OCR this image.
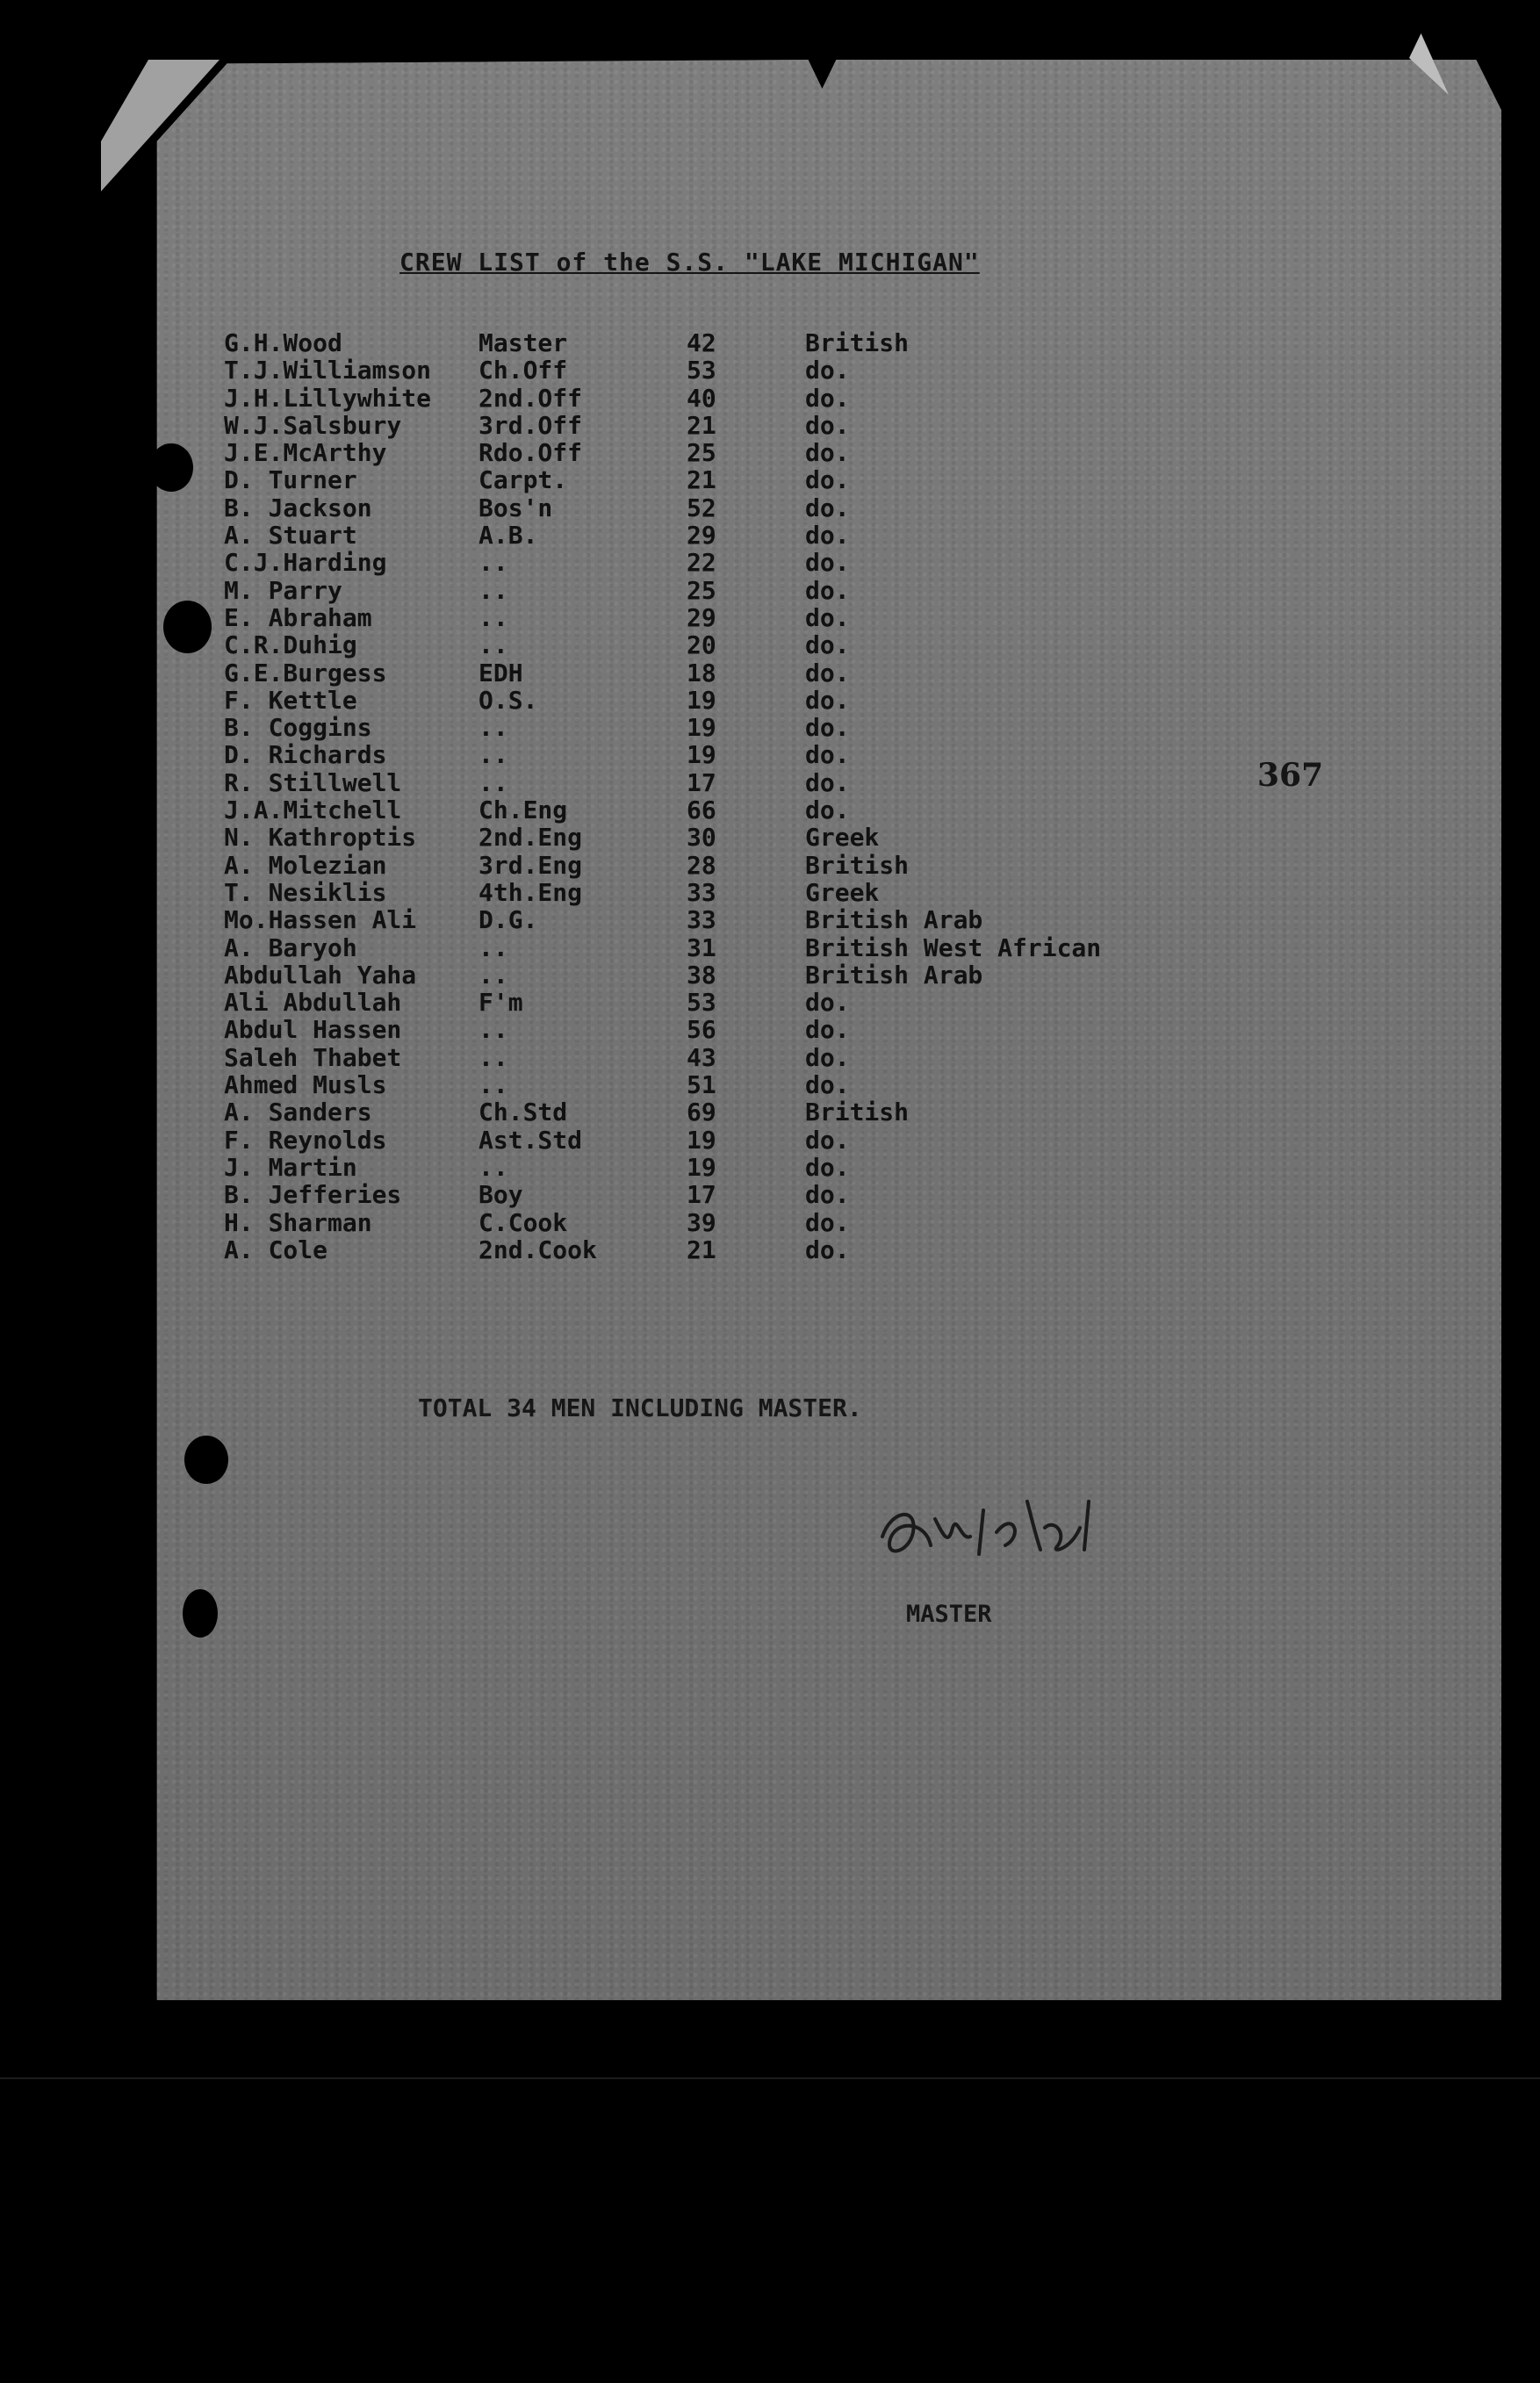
CREW LIST of the S.S. "LAKE MICHIGAN"
G.H.Wood	Master	42	British
T.J.Williamson	Ch.Off	53	do.
J.H.Lillywhite	2nd.Off	40	do.
W.J.Salsbury	3rd.Off	21	do.
J.E.McArthy	Rdo.Off	25	do.
D. Turner	Carpt.	21	do.
B. Jackson	Bos'n	52	do.
A. Stuart	A.B.	29	do.
C.J.Harding	..	22	do.
M. Parry	..	25	do.
E. Abraham	..	29	do.
C.R.Duhig	..	20	do.
G.E.Burgess	EDH	18	do.
F. Kettle	O.S.	19	do.
B. Coggins	..	19	do.
D. Richards	..	19	do.
R. Stillwell	..	17	do.
J.A.Mitchell	Ch.Eng	66	do.
N. Kathroptis	2nd.Eng	30	Greek
A. Molezian	3rd.Eng	28	British
T. Nesiklis	4th.Eng	33	Greek
Mo.Hassen Ali	D.G.	33	British Arab
A. Baryoh	..	31	British West African
Abdullah Yaha	..	38	British Arab
Ali Abdullah	F'm	53	do.
Abdul Hassen	..	56	do.
Saleh Thabet	..	43	do.
Ahmed Musls	..	51	do.
A. Sanders	Ch.Std	69	British
F. Reynolds	Ast.Std	19	do.
J. Martin	..	19	do.
B. Jefferies	Boy	17	do.
H. Sharman	C.Cook	39	do.
A. Cole	2nd.Cook	21	do.
367
TOTAL 34 MEN INCLUDING MASTER.
MASTER
